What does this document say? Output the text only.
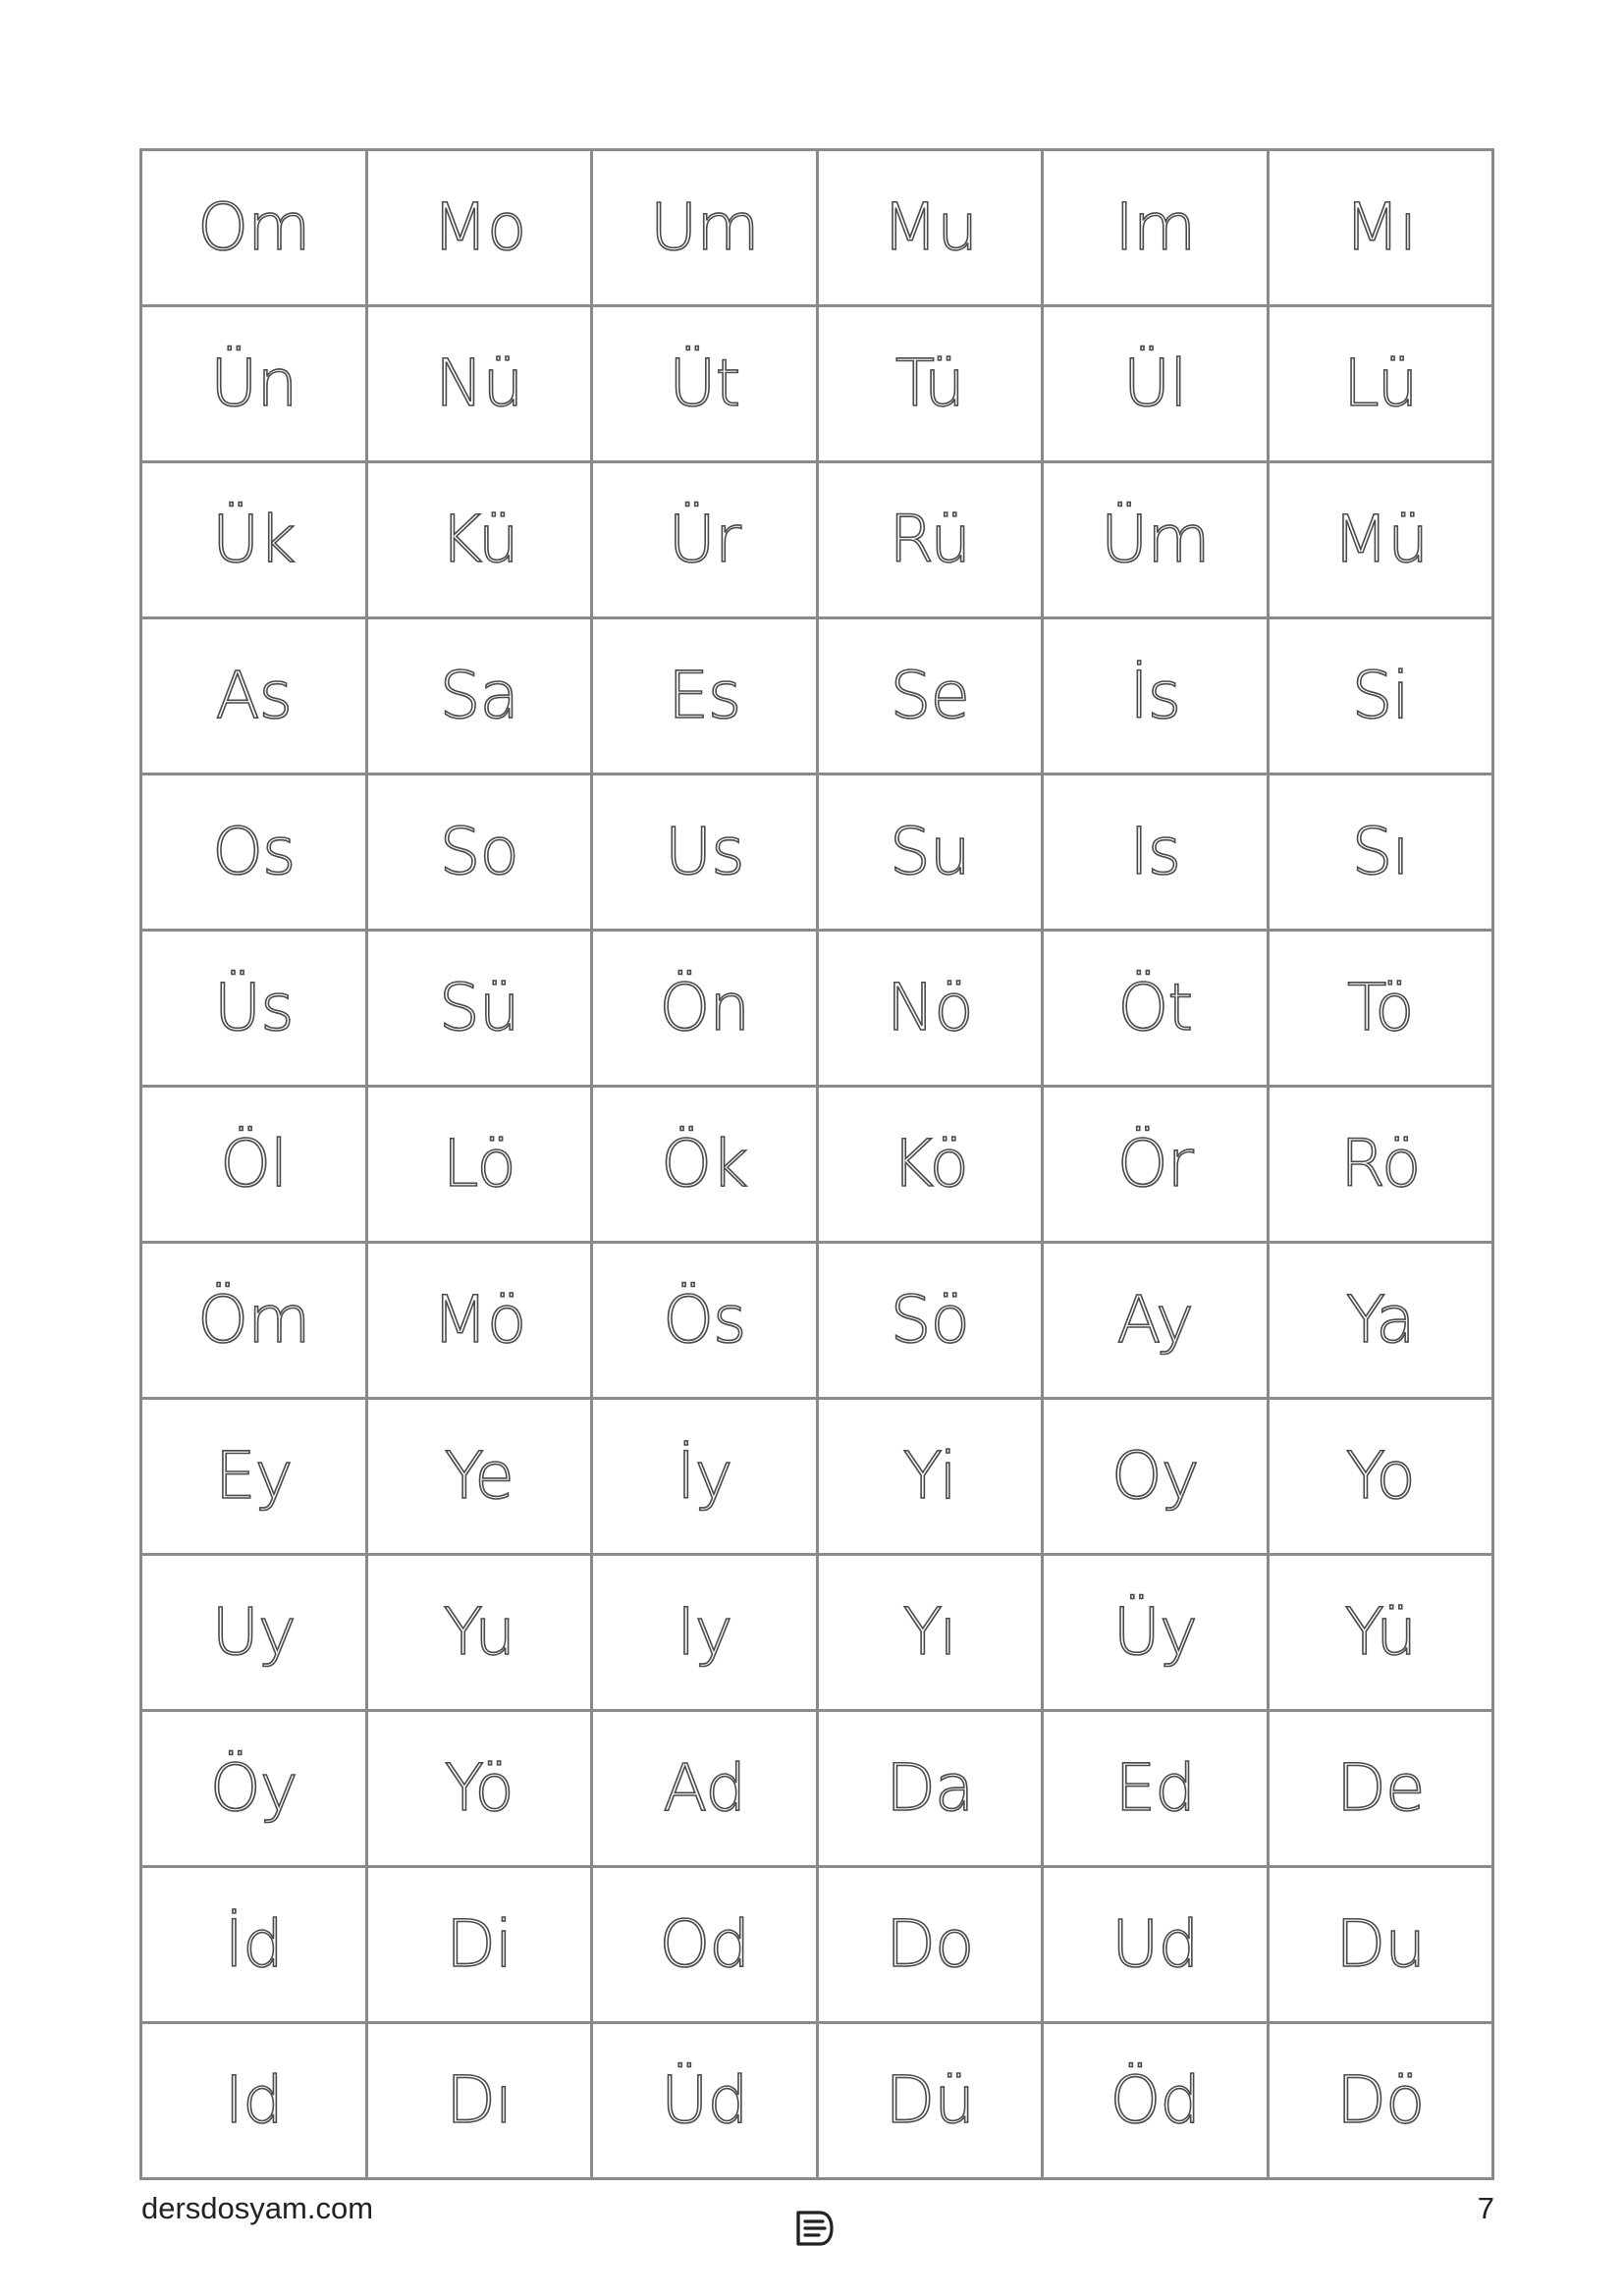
Om	Mo	Um	Mu	Im	Mı
Ün	Nü	Üt	Tü	Ül	Lü
Ük	Kü	Ür	Rü	Üm	Mü
As	Sa	Es	Se	İs	Si
Os	So	Us	Su	Is	Sı
Üs	Sü	Ön	Nö	Öt	Tö
Öl	Lö	Ök	Kö	Ör	Rö
Öm	Mö	Ös	Sö	Ay	Ya
Ey	Ye	İy	Yi	Oy	Yo
Uy	Yu	Iy	Yı	Üy	Yü
Öy	Yö	Ad	Da	Ed	De
İd	Di	Od	Do	Ud	Du
Id	Dı	Üd	Dü	Öd	Dö
dersdosyam.com	7
